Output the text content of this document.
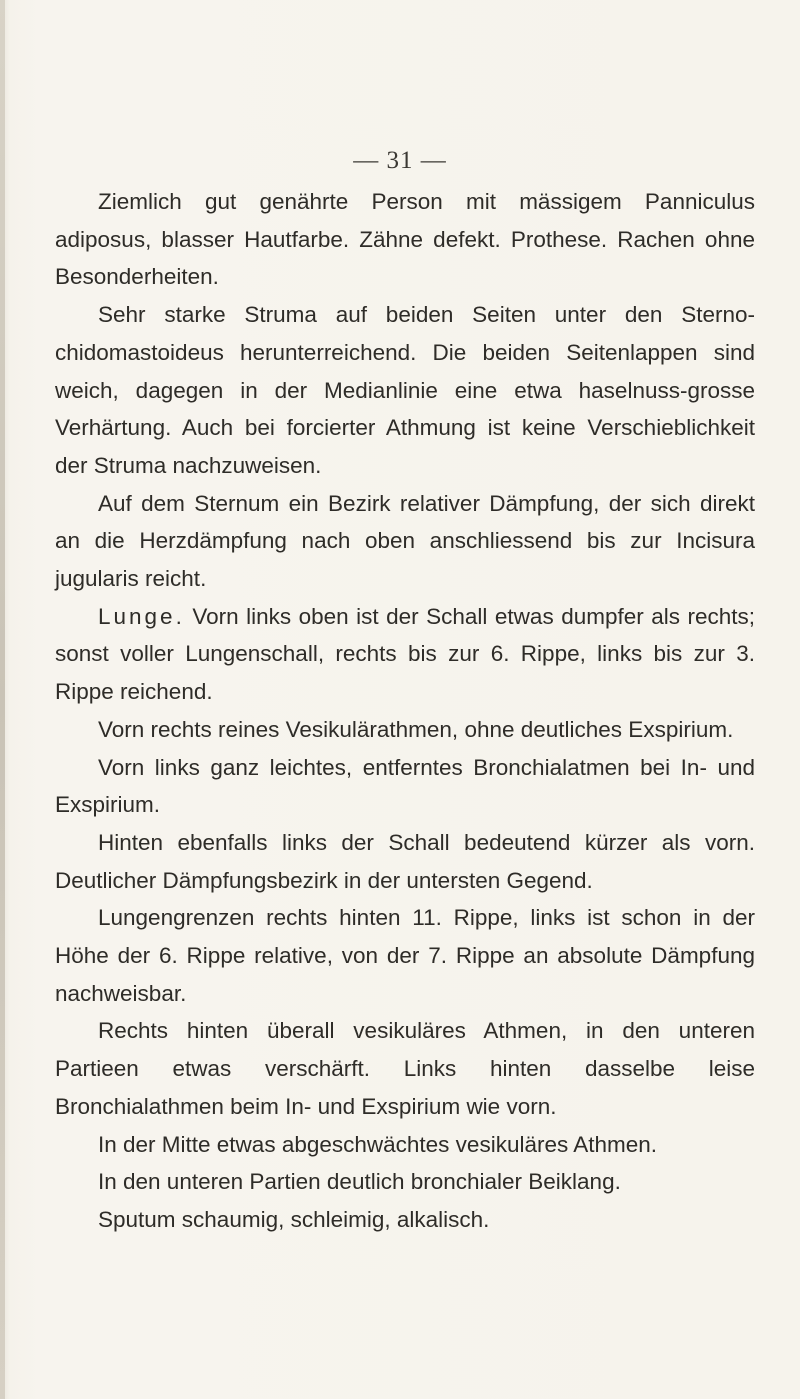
— 31 —

Ziemlich gut genährte Person mit mässigem Panniculus adiposus, blasser Hautfarbe. Zähne defekt. Prothese. Rachen ohne Besonderheiten.

Sehr starke Struma auf beiden Seiten unter den Sterno-chidomastoideus herunterreichend. Die beiden Seitenlappen sind weich, dagegen in der Medianlinie eine etwa haselnuss-grosse Verhärtung. Auch bei forcierter Athmung ist keine Verschieblichkeit der Struma nachzuweisen.

Auf dem Sternum ein Bezirk relativer Dämpfung, der sich direkt an die Herzdämpfung nach oben anschliessend bis zur Incisura jugularis reicht.

Lunge. Vorn links oben ist der Schall etwas dumpfer als rechts; sonst voller Lungenschall, rechts bis zur 6. Rippe, links bis zur 3. Rippe reichend.

Vorn rechts reines Vesikulärathmen, ohne deutliches Exspirium.

Vorn links ganz leichtes, entferntes Bronchialatmen bei In- und Exspirium.

Hinten ebenfalls links der Schall bedeutend kürzer als vorn. Deutlicher Dämpfungsbezirk in der untersten Gegend.

Lungengrenzen rechts hinten 11. Rippe, links ist schon in der Höhe der 6. Rippe relative, von der 7. Rippe an absolute Dämpfung nachweisbar.

Rechts hinten überall vesikuläres Athmen, in den unteren Partieen etwas verschärft. Links hinten dasselbe leise Bronchialathmen beim In- und Exspirium wie vorn.

In der Mitte etwas abgeschwächtes vesikuläres Athmen.

In den unteren Partien deutlich bronchialer Beiklang.

Sputum schaumig, schleimig, alkalisch.
